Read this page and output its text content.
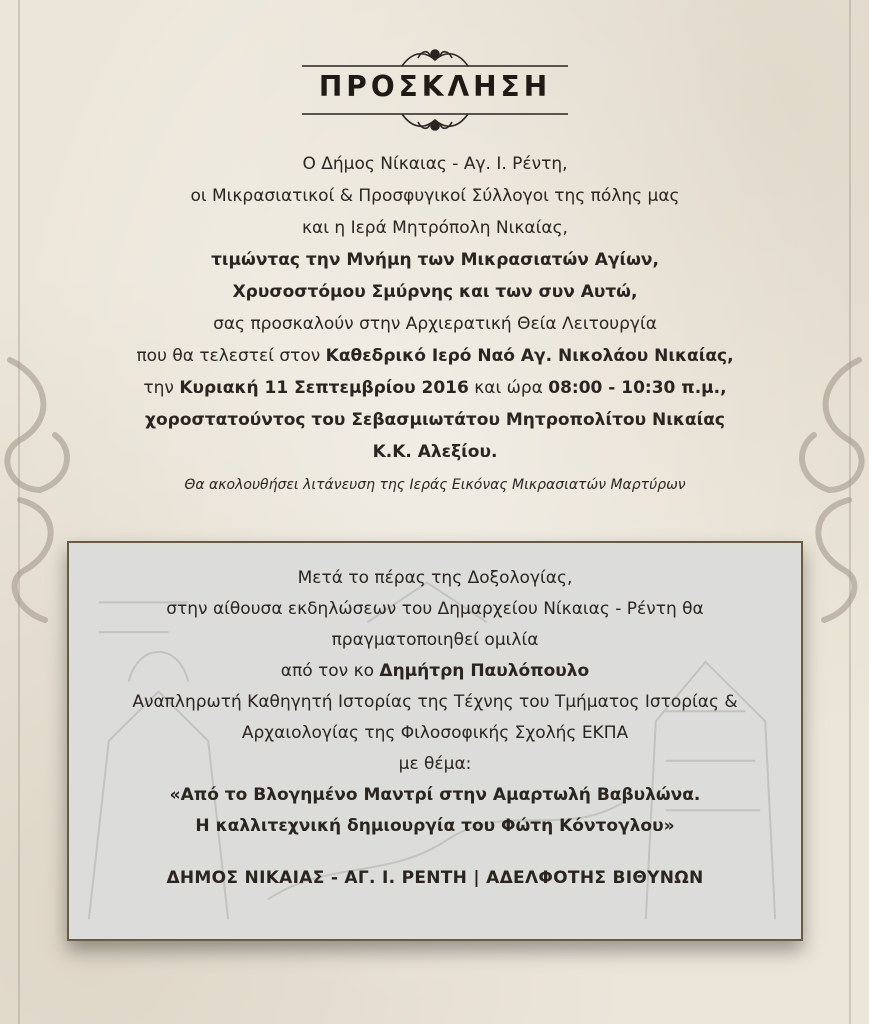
ΠΡΟΣΚΛΗΣΗ
Ο Δήμος Νίκαιας - Αγ. Ι. Ρέντη,
οι Μικρασιατικοί & Προσφυγικοί Σύλλογοι της πόλης μας
και η Ιερά Μητρόπολη Νικαίας,
τιμώντας την Μνήμη των Μικρασιατών Αγίων,
Χρυσοστόμου Σμύρνης και των συν Αυτώ,
σας προσκαλούν στην Αρχιερατική Θεία Λειτουργία
που θα τελεστεί στον Καθεδρικό Ιερό Ναό Αγ. Νικολάου Νικαίας,
την Κυριακή 11 Σεπτεμβρίου 2016 και ώρα 08:00 - 10:30 π.μ.,
χοροστατούντος του Σεβασμιωτάτου Μητροπολίτου Νικαίας
Κ.Κ. Αλεξίου.
Θα ακολουθήσει λιτάνευση της Ιεράς Εικόνας Μικρασιατών Μαρτύρων
Μετά το πέρας της Δοξολογίας,
στην αίθουσα εκδηλώσεων του Δημαρχείου Νίκαιας - Ρέντη θα
πραγματοποιηθεί ομιλία
από τον κο Δημήτρη Παυλόπουλο
Αναπληρωτή Καθηγητή Ιστορίας της Τέχνης του Τμήματος Ιστορίας &
Αρχαιολογίας της Φιλοσοφικής Σχολής ΕΚΠΑ
με θέμα:
«Από το Βλογημένο Μαντρί στην Αμαρτωλή Βαβυλώνα.
Η καλλιτεχνική δημιουργία του Φώτη Κόντογλου»
ΔΗΜΟΣ ΝΙΚΑΙΑΣ - ΑΓ. Ι. ΡΕΝΤΗ | ΑΔΕΛΦΟΤΗΣ ΒΙΘΥΝΩΝ
